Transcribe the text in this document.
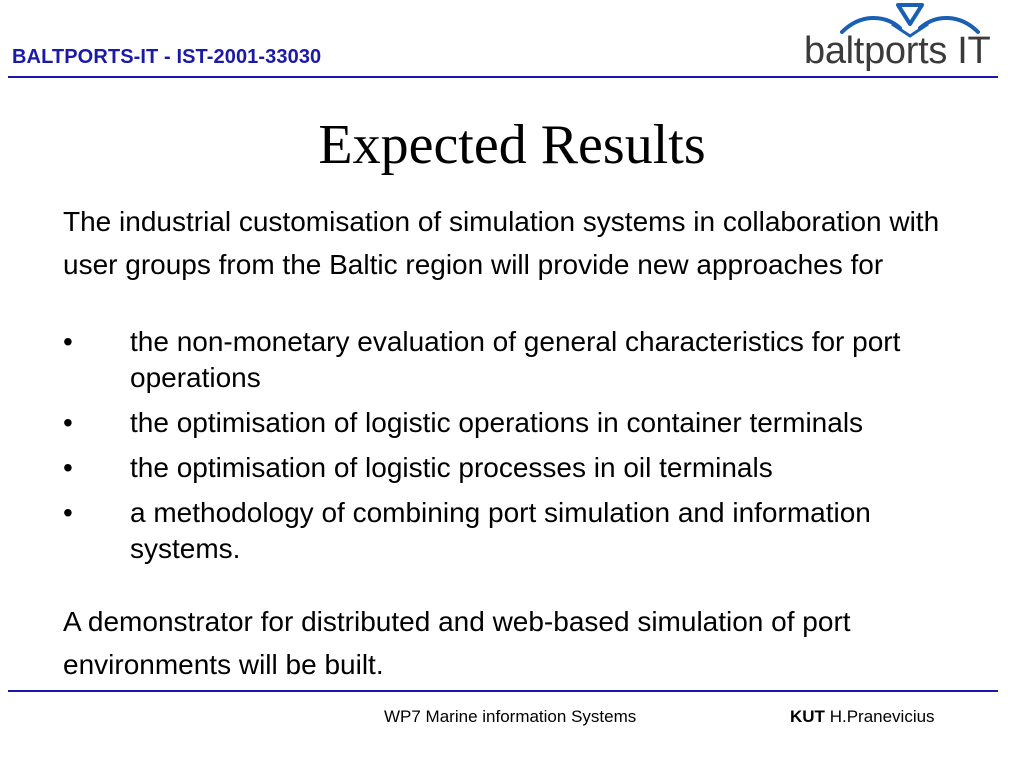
BALTPORTS-IT - IST-2001-33030	baltports IT
Expected Results
The industrial customisation of simulation systems in collaboration with user groups from the Baltic region will provide new approaches for
• the non-monetary evaluation of general characteristics for port operations
• the optimisation of logistic operations in container terminals
• the optimisation of logistic processes in oil terminals
• a methodology of combining port simulation and information systems.
A demonstrator for distributed and web-based simulation of port environments will be built.
WP7 Marine information Systems	KUT H.Pranevicius
